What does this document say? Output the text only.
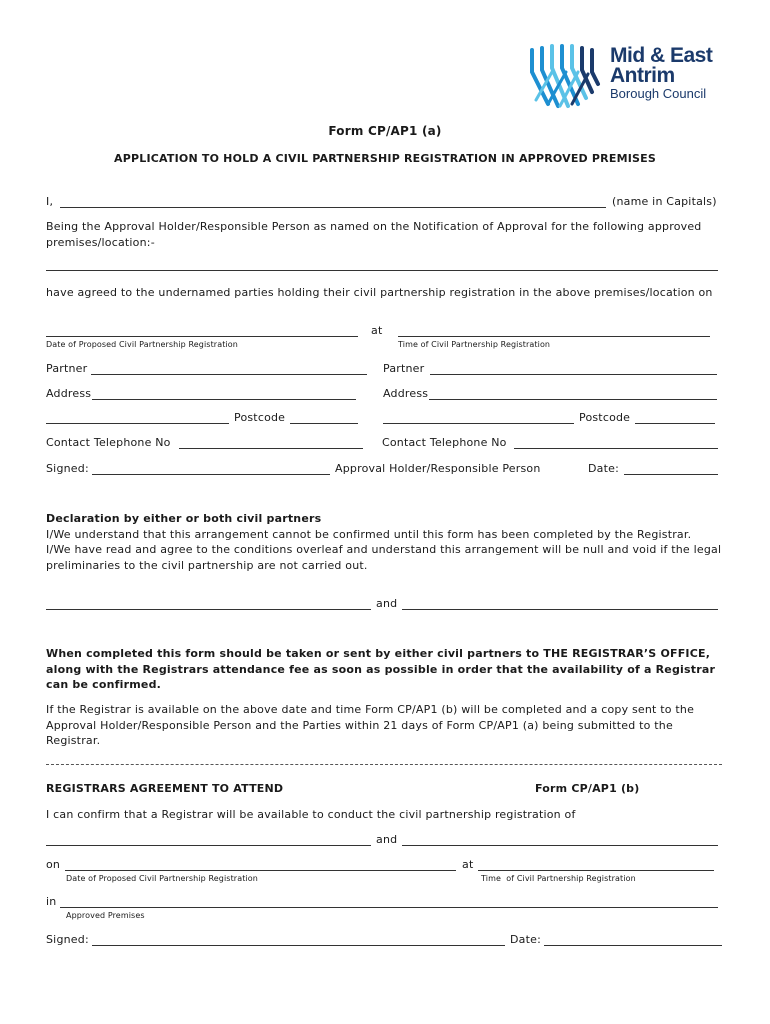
Mid & East
Antrim
Borough Council
Form CP/AP1 (a)
APPLICATION TO HOLD A CIVIL PARTNERSHIP REGISTRATION IN APPROVED PREMISES
I,	(name in Capitals)
Being the Approval Holder/Responsible Person as named on the Notification of Approval for the following approved premises/location:-
have agreed to the undernamed parties holding their civil partnership registration in the above premises/location on
at
Date of Proposed Civil Partnership Registration	Time of Civil Partnership Registration
Partner	Partner
Address	Address
Postcode	Postcode
Contact Telephone No	Contact Telephone No
Signed:	Approval Holder/Responsible Person	Date:
Declaration by either or both civil partners
I/We understand that this arrangement cannot be confirmed until this form has been completed by the Registrar.
I/We have read and agree to the conditions overleaf and understand this arrangement will be null and void if the legal preliminaries to the civil partnership are not carried out.
and
When completed this form should be taken or sent by either civil partners to THE REGISTRAR’S OFFICE, along with the Registrars attendance fee as soon as possible in order that the availability of a Registrar can be confirmed.
If the Registrar is available on the above date and time Form CP/AP1 (b) will be completed and a copy sent to the Approval Holder/Responsible Person and the Parties within 21 days of Form CP/AP1 (a) being submitted to the Registrar.
REGISTRARS AGREEMENT TO ATTEND	Form CP/AP1 (b)
I can confirm that a Registrar will be available to conduct the civil partnership registration of
and
on	at
Date of Proposed Civil Partnership Registration	Time  of Civil Partnership Registration
in
Approved Premises
Signed:	Date:
